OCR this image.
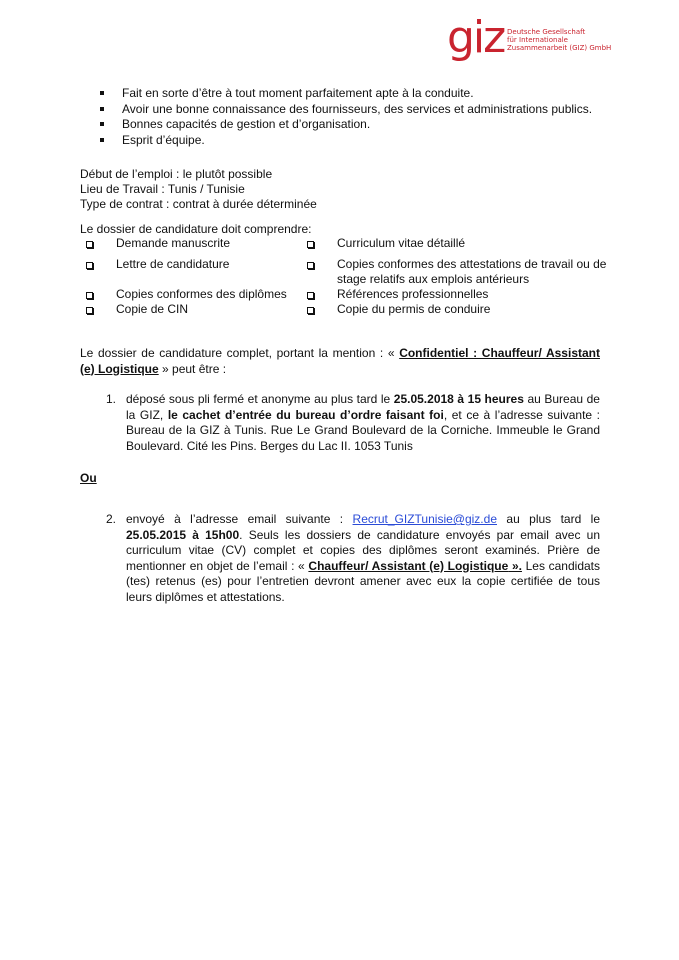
giz Deutsche Gesellschaft
für Internationale
Zusammenarbeit (GIZ) GmbH
Fait en sorte d’être à tout moment parfaitement apte à la conduite.
Avoir une bonne connaissance des fournisseurs, des services et administrations publics.
Bonnes capacités de gestion et d’organisation.
Esprit d’équipe.
Début de l’emploi : le plutôt possible
Lieu de Travail : Tunis / Tunisie
Type de contrat : contrat à durée déterminée
Le dossier de candidature doit comprendre:
Demande manuscrite	Curriculum vitae détaillé
Lettre de candidature	Copies conformes des attestations de travail ou de
stage relatifs aux emplois antérieurs
Copies conformes des diplômes	Références professionnelles
Copie de CIN	Copie du permis de conduire
Le dossier de candidature complet, portant la mention : « Confidentiel : Chauffeur/ Assistant (e) Logistique » peut être :
1. déposé sous pli fermé et anonyme au plus tard le 25.05.2018 à 15 heures au Bureau de la GIZ, le cachet d’entrée du bureau d’ordre faisant foi, et ce à l’adresse suivante : Bureau de la GIZ à Tunis. Rue Le Grand Boulevard de la Corniche. Immeuble le Grand Boulevard. Cité les Pins. Berges du Lac II. 1053 Tunis
Ou
2. envoyé à l’adresse email suivante : Recrut_GIZTunisie@giz.de au plus tard le 25.05.2015 à 15h00. Seuls les dossiers de candidature envoyés par email avec un curriculum vitae (CV) complet et copies des diplômes seront examinés. Prière de mentionner en objet de l’email : « Chauffeur/ Assistant (e) Logistique ». Les candidats (tes) retenus (es) pour l’entretien devront amener avec eux la copie certifiée de tous leurs diplômes et attestations.
